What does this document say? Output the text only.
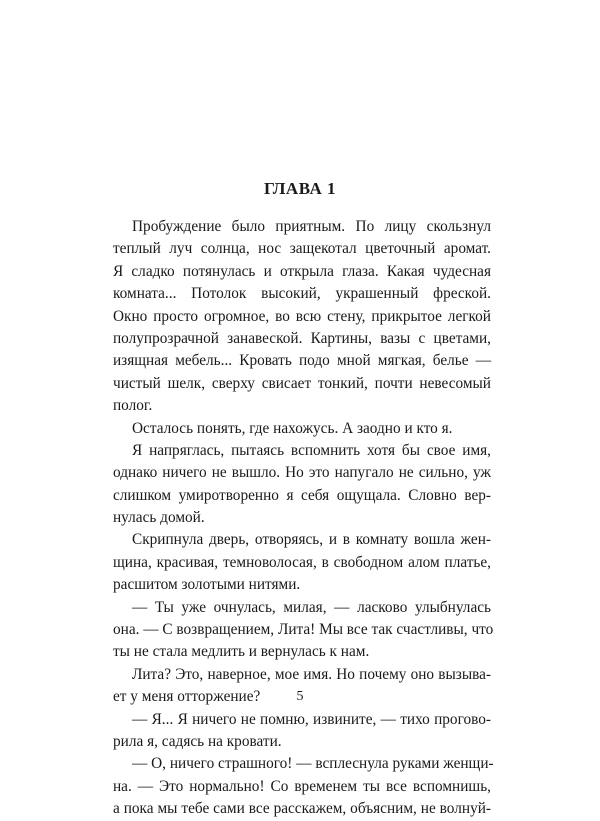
ГЛАВА 1
Пробуждение было приятным. По лицу скользнул
теплый луч солнца, нос защекотал цветочный аромат.
Я сладко потянулась и открыла глаза. Какая чудесная
комната... Потолок высокий, украшенный фреской.
Окно просто огромное, во всю стену, прикрытое легкой
полупрозрачной занавеской. Картины, вазы с цветами,
изящная мебель... Кровать подо мной мягкая, белье —
чистый шелк, сверху свисает тонкий, почти невесомый
полог.
Осталось понять, где нахожусь. А заодно и кто я.
Я напряглась, пытаясь вспомнить хотя бы свое имя,
однако ничего не вышло. Но это напугало не сильно, уж
слишком умиротворенно я себя ощущала. Словно вер-
нулась домой.
Скрипнула дверь, отворяясь, и в комнату вошла жен-
щина, красивая, темноволосая, в свободном алом платье,
расшитом золотыми нитями.
— Ты уже очнулась, милая, — ласково улыбнулась
она. — С возвращением, Лита! Мы все так счастливы, что
ты не стала медлить и вернулась к нам.
Лита? Это, наверное, мое имя. Но почему оно вызыва-
ет у меня отторжение?
— Я... Я ничего не помню, извините, — тихо прогово-
рила я, садясь на кровати.
— О, ничего страшного! — всплеснула руками женщи-
на. — Это нормально! Со временем ты все вспомнишь,
а пока мы тебе сами все расскажем, объясним, не волнуй-
5
